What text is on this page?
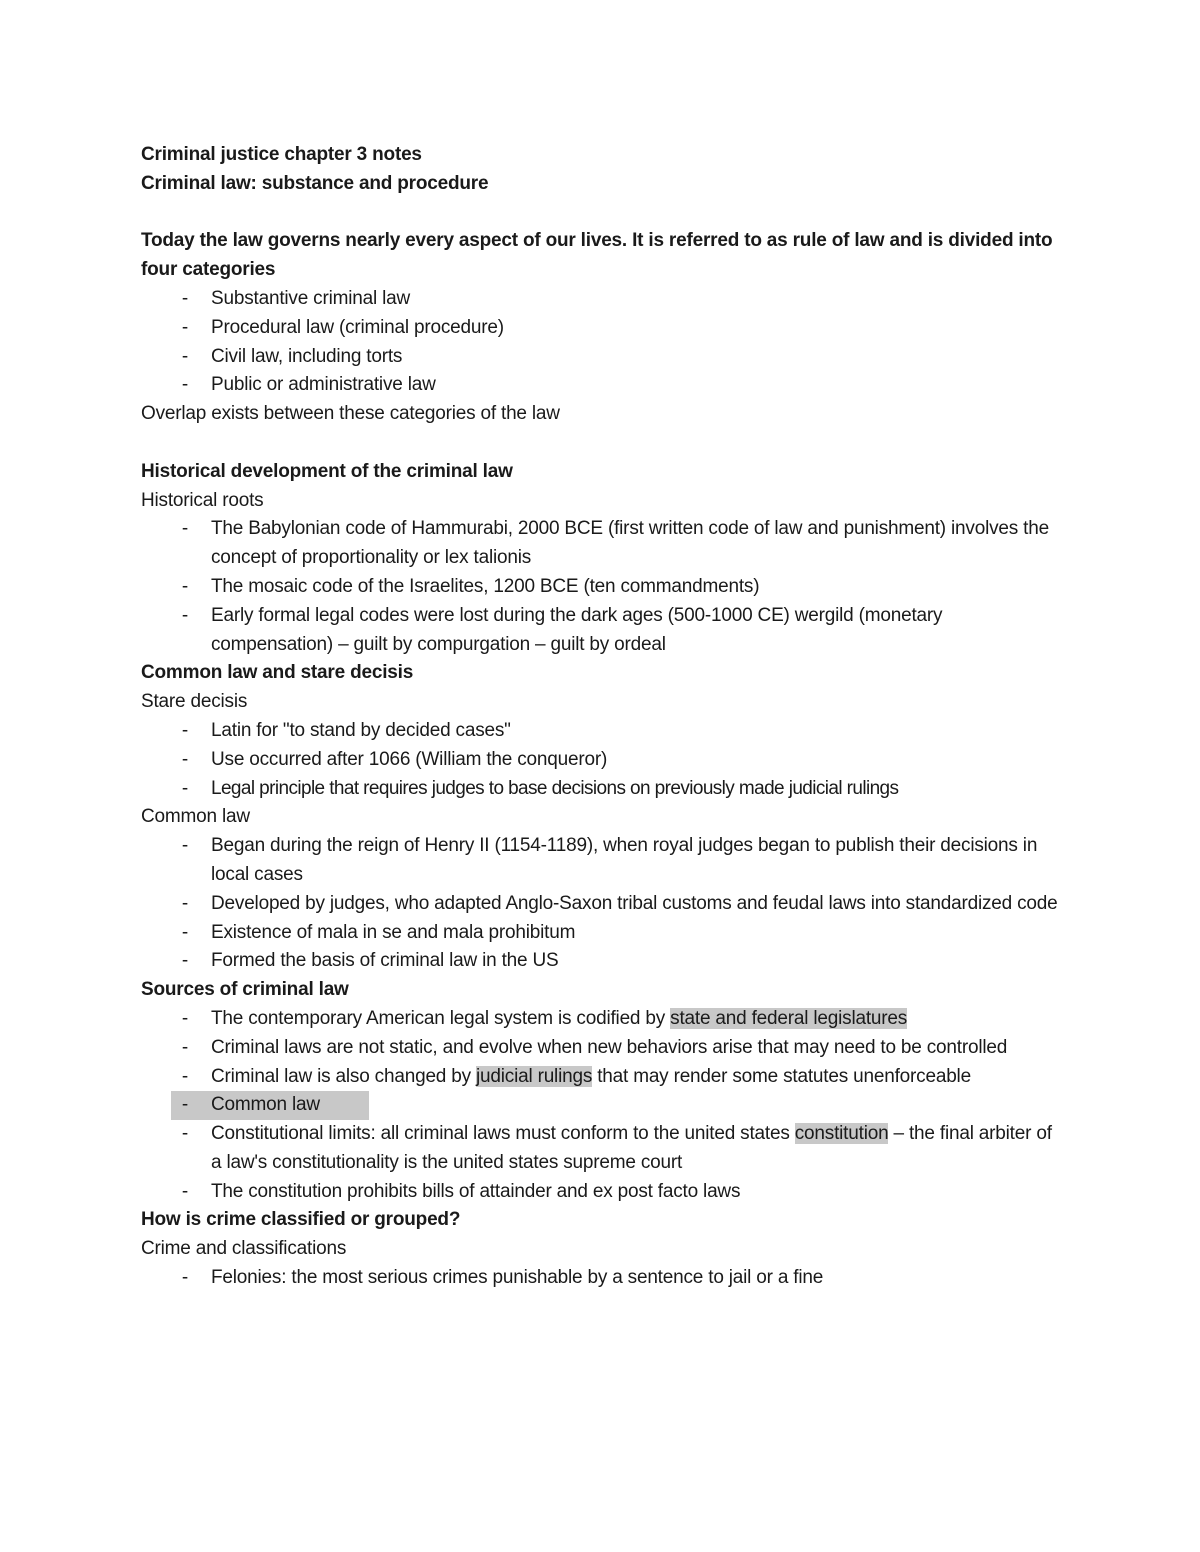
Criminal justice chapter 3 notes

Criminal law: substance and procedure

Today the law governs nearly every aspect of our lives. It is referred to as rule of law and is divided into four categories

-	Substantive criminal law
-	Procedural law (criminal procedure)
-	Civil law, including torts
-	Public or administrative law

Overlap exists between these categories of the law

Historical development of the criminal law

Historical roots

-	The Babylonian code of Hammurabi, 2000 BCE (first written code of law and punishment) involves the concept of proportionality or lex talionis
-	The mosaic code of the Israelites, 1200 BCE (ten commandments)
-	Early formal legal codes were lost during the dark ages (500-1000 CE) wergild (monetary compensation) – guilt by compurgation – guilt by ordeal

Common law and stare decisis

Stare decisis

-	Latin for "to stand by decided cases"
-	Use occurred after 1066 (William the conqueror)
-	Legal principle that requires judges to base decisions on previously made judicial rulings

Common law

-	Began during the reign of Henry II (1154-1189), when royal judges began to publish their decisions in local cases
-	Developed by judges, who adapted Anglo-Saxon tribal customs and feudal laws into standardized code
-	Existence of mala in se and mala prohibitum
-	Formed the basis of criminal law in the US

Sources of criminal law

-	The contemporary American legal system is codified by state and federal legislatures
-	Criminal laws are not static, and evolve when new behaviors arise that may need to be controlled
-	Criminal law is also changed by judicial rulings that may render some statutes unenforceable
-	Common law
-	Constitutional limits: all criminal laws must conform to the united states constitution – the final arbiter of a law's constitutionality is the united states supreme court
-	The constitution prohibits bills of attainder and ex post facto laws

How is crime classified or grouped?

Crime and classifications

-	Felonies: the most serious crimes punishable by a sentence to jail or a fine
